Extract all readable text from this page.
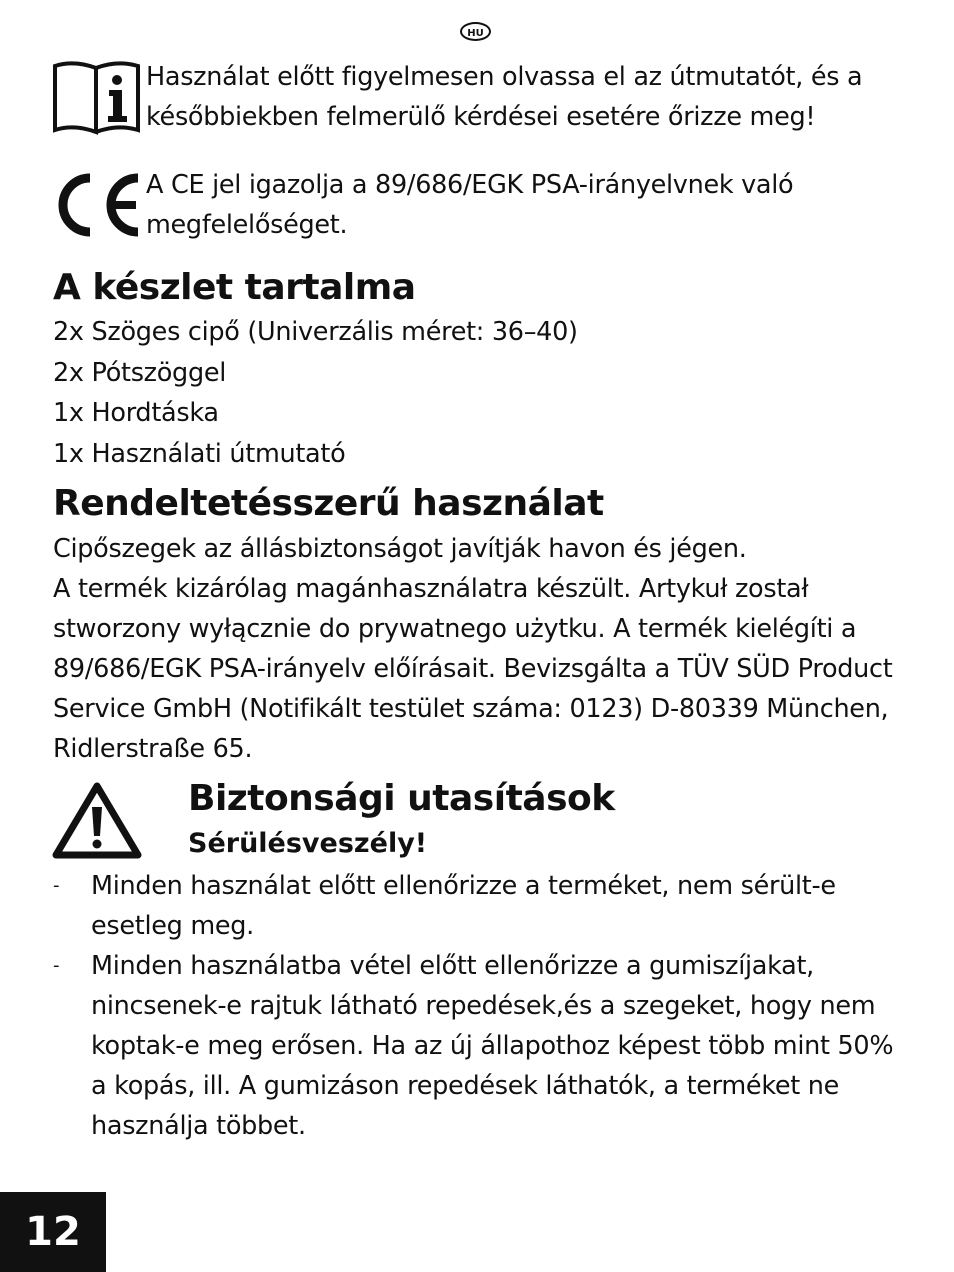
HU

Használat előtt figyelmesen olvassa el az útmutatót, és a későbbiekben felmerülő kérdései esetére őrizze meg!

A CE jel igazolja a 89/686/EGK PSA-irányelvnek való megfelelőséget.

A készlet tartalma
2x Szöges cipő (Univerzális méret: 36–40)
2x Pótszöggel
1x Hordtáska
1x Használati útmutató
Rendeltetésszerű használat
Cipőszegek az állásbiztonságot javítják havon és jégen.
A termék kizárólag magánhasználatra készült. Artykuł został stworzony wyłącznie do prywatnego użytku. A termék kielégíti a 89/686/EGK PSA-irányelv előírásait. Bevizsgálta a TÜV SÜD Product Service GmbH (Notifikált testület száma: 0123) D-80339 München, Ridlerstraße 65.
Biztonsági utasítások
Sérülésveszély!
-	Minden használat előtt ellenőrizze a terméket, nem sérült-e esetleg meg.
-	Minden használatba vétel előtt ellenőrizze a gumiszíjakat, nincsenek-e rajtuk látható repedések,és a szegeket, hogy nem koptak-e meg erősen. Ha az új állapothoz képest több mint 50% a kopás, ill. A gumizáson repedések láthatók, a terméket ne használja többet.
12
